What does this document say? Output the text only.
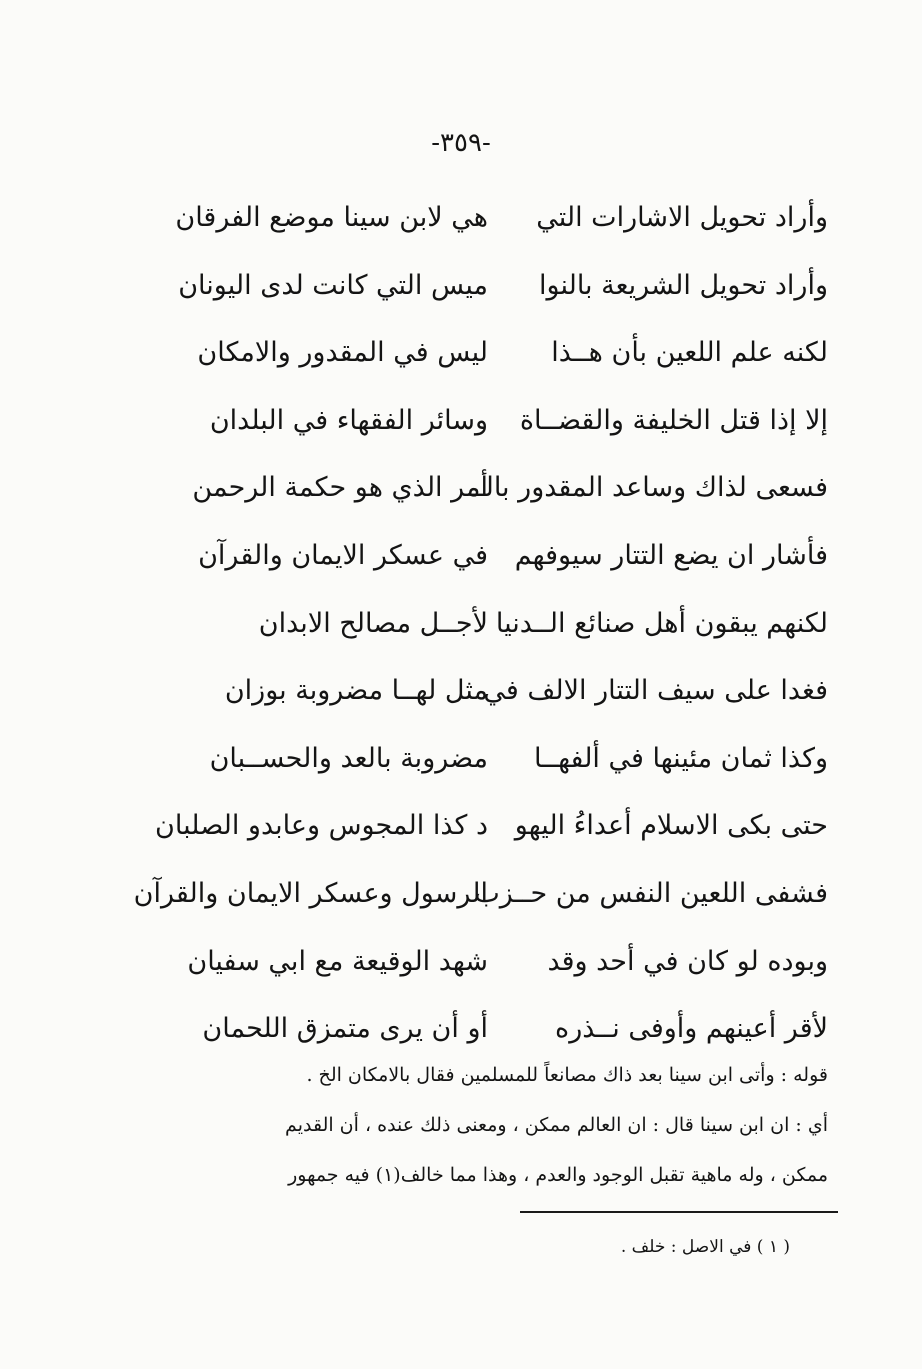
-٣٥٩-
وأراد تحويل الاشارات التي
هي لابن سينا موضع الفرقان
وأراد تحويل الشريعة بالنوا
ميس التي كانت لدى اليونان
لكنه علم اللعين بأن هــذا
ليس في المقدور والامكان
إلا إذا قتل الخليفة والقضــاة
وسائر الفقهاء في البلدان
فسعى لذاك وساعد المقدور بالــ
أمر الذي هو حكمة الرحمن
فأشار ان يضع التتار سيوفهم
في عسكر الايمان والقرآن
لكنهم يبقون أهل صنائع الــدنيا
لأجــل مصالح الابدان
فغدا على سيف التتار الالف في
مثل لهــا مضروبة بوزان
وكذا ثمان مئينها في ألفهــا
مضروبة بالعد والحســبان
حتى بكى الاسلام أعداءُ اليهو
د كذا المجوس وعابدو الصلبان
فشفى اللعين النفس من حــزب
الرسول وعسكر الايمان والقرآن
وبوده لو كان في أحد وقد
شهد الوقيعة مع ابي سفيان
لأقر أعينهم وأوفى نــذره
أو أن يرى متمزق اللحمان

قوله : وأتى ابن سينا بعد ذاك مصانعاً للمسلمين فقال بالامكان الخ .

أي : ان ابن سينا قال : ان العالم ممكن ، ومعنى ذلك عنده ، أن القديم

ممكن ، وله ماهية تقبل الوجود والعدم ، وهذا مما خالف(١) فيه جمهور

( ١ ) في الاصل : خلف .
